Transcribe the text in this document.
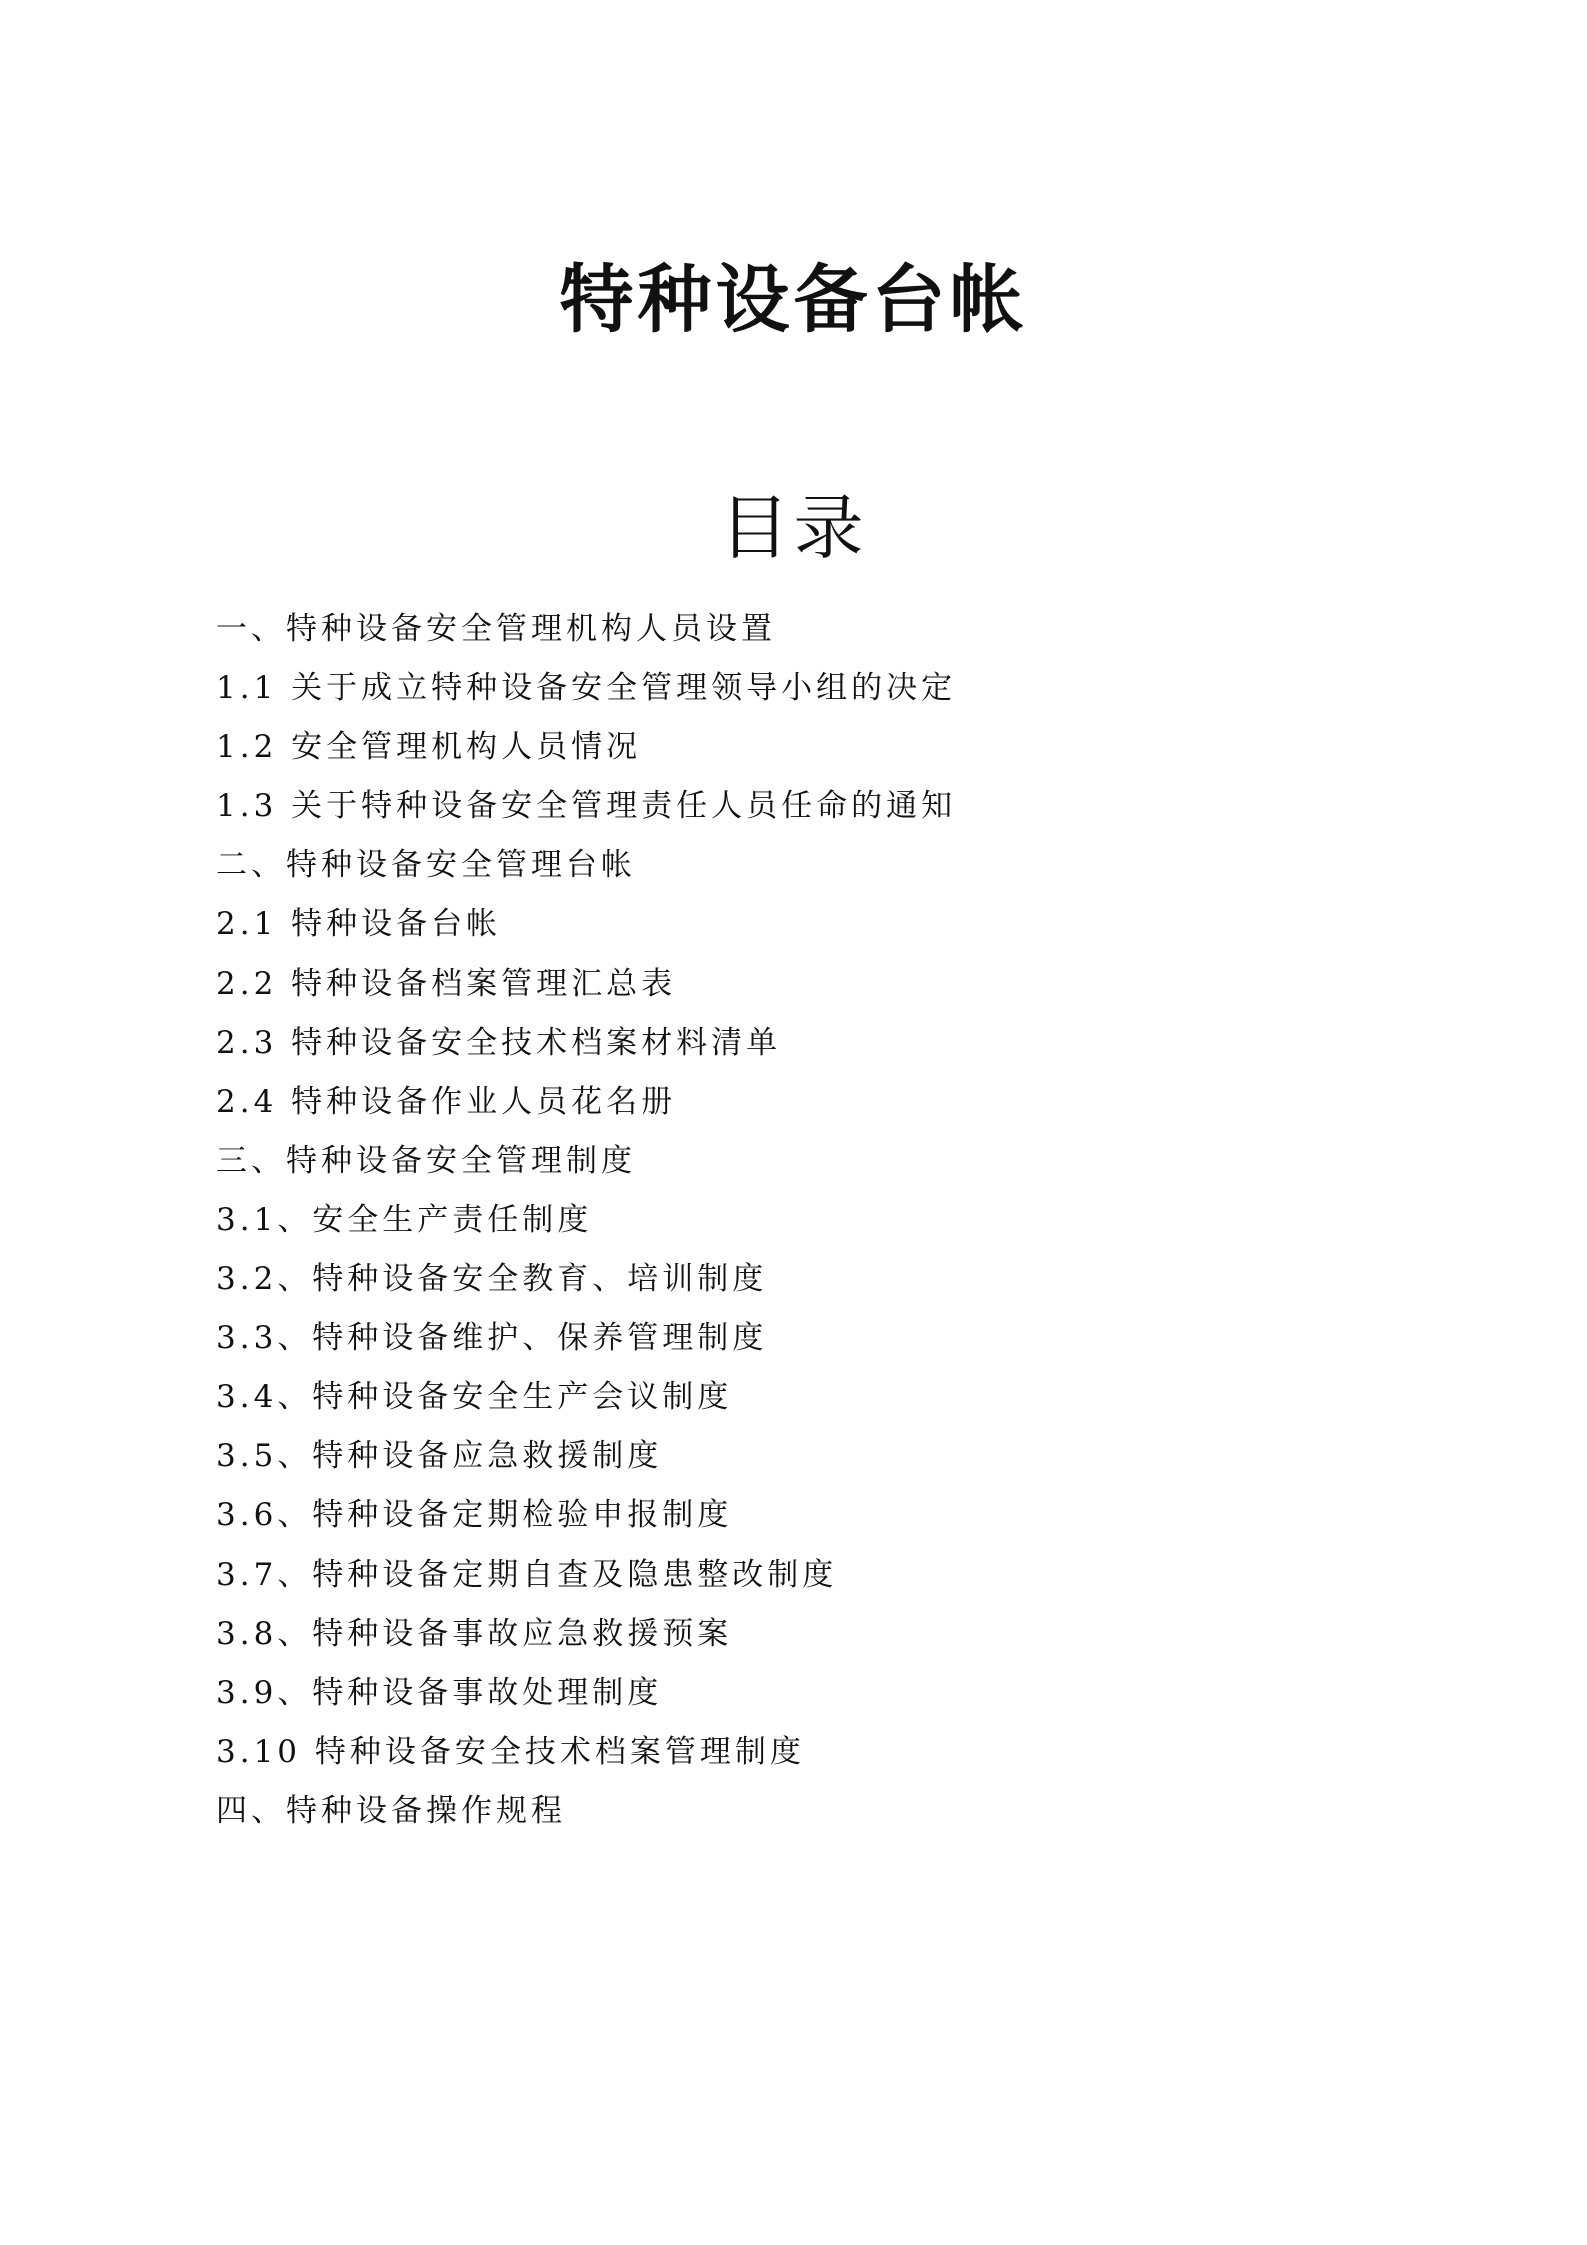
特种设备台帐
目录
一、特种设备安全管理机构人员设置
1.1 关于成立特种设备安全管理领导小组的决定
1.2 安全管理机构人员情况
1.3 关于特种设备安全管理责任人员任命的通知
二、特种设备安全管理台帐
2.1 特种设备台帐
2.2 特种设备档案管理汇总表
2.3 特种设备安全技术档案材料清单
2.4 特种设备作业人员花名册
三、特种设备安全管理制度
3.1、安全生产责任制度
3.2、特种设备安全教育、培训制度
3.3、特种设备维护、保养管理制度
3.4、特种设备安全生产会议制度
3.5、特种设备应急救援制度
3.6、特种设备定期检验申报制度
3.7、特种设备定期自查及隐患整改制度
3.8、特种设备事故应急救援预案
3.9、特种设备事故处理制度
3.10 特种设备安全技术档案管理制度
四、特种设备操作规程
